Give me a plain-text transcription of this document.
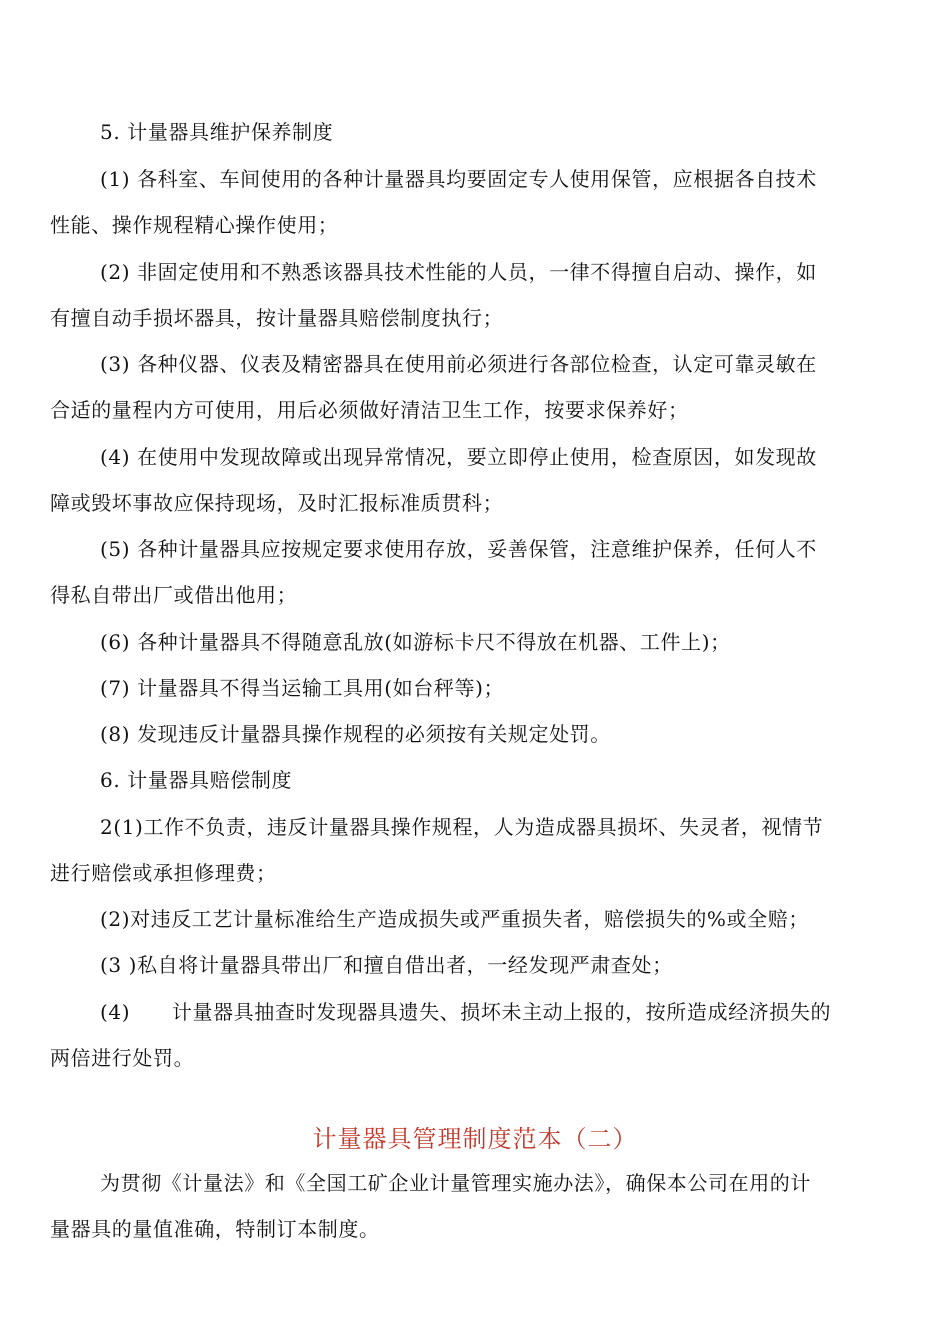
5. 计量器具维护保养制度
(1) 各科室、车间使用的各种计量器具均要固定专人使用保管，应根据各自技术
性能、操作规程精心操作使用；
(2) 非固定使用和不熟悉该器具技术性能的人员，一律不得擅自启动、操作，如
有擅自动手损坏器具，按计量器具赔偿制度执行；
(3) 各种仪器、仪表及精密器具在使用前必须进行各部位检查，认定可靠灵敏在
合适的量程内方可使用，用后必须做好清洁卫生工作，按要求保养好；
(4) 在使用中发现故障或出现异常情况，要立即停止使用，检查原因，如发现故
障或毁坏事故应保持现场，及时汇报标准质贯科；
(5) 各种计量器具应按规定要求使用存放，妥善保管，注意维护保养，任何人不
得私自带出厂或借出他用；
(6) 各种计量器具不得随意乱放(如游标卡尺不得放在机器、工件上)；
(7) 计量器具不得当运输工具用(如台秤等)；
(8) 发现违反计量器具操作规程的必须按有关规定处罚。
6. 计量器具赔偿制度
2(1)工作不负责，违反计量器具操作规程，人为造成器具损坏、失灵者，视情节
进行赔偿或承担修理费；
(2)对违反工艺计量标准给生产造成损失或严重损失者，赔偿损失的%或全赔；
(3 )私自将计量器具带出厂和擅自借出者，一经发现严肃查处；
(4)      计量器具抽查时发现器具遗失、损坏未主动上报的，按所造成经济损失的
两倍进行处罚。
计量器具管理制度范本（二）
为贯彻《计量法》和《全国工矿企业计量管理实施办法》，确保本公司在用的计
量器具的量值准确，特制订本制度。
